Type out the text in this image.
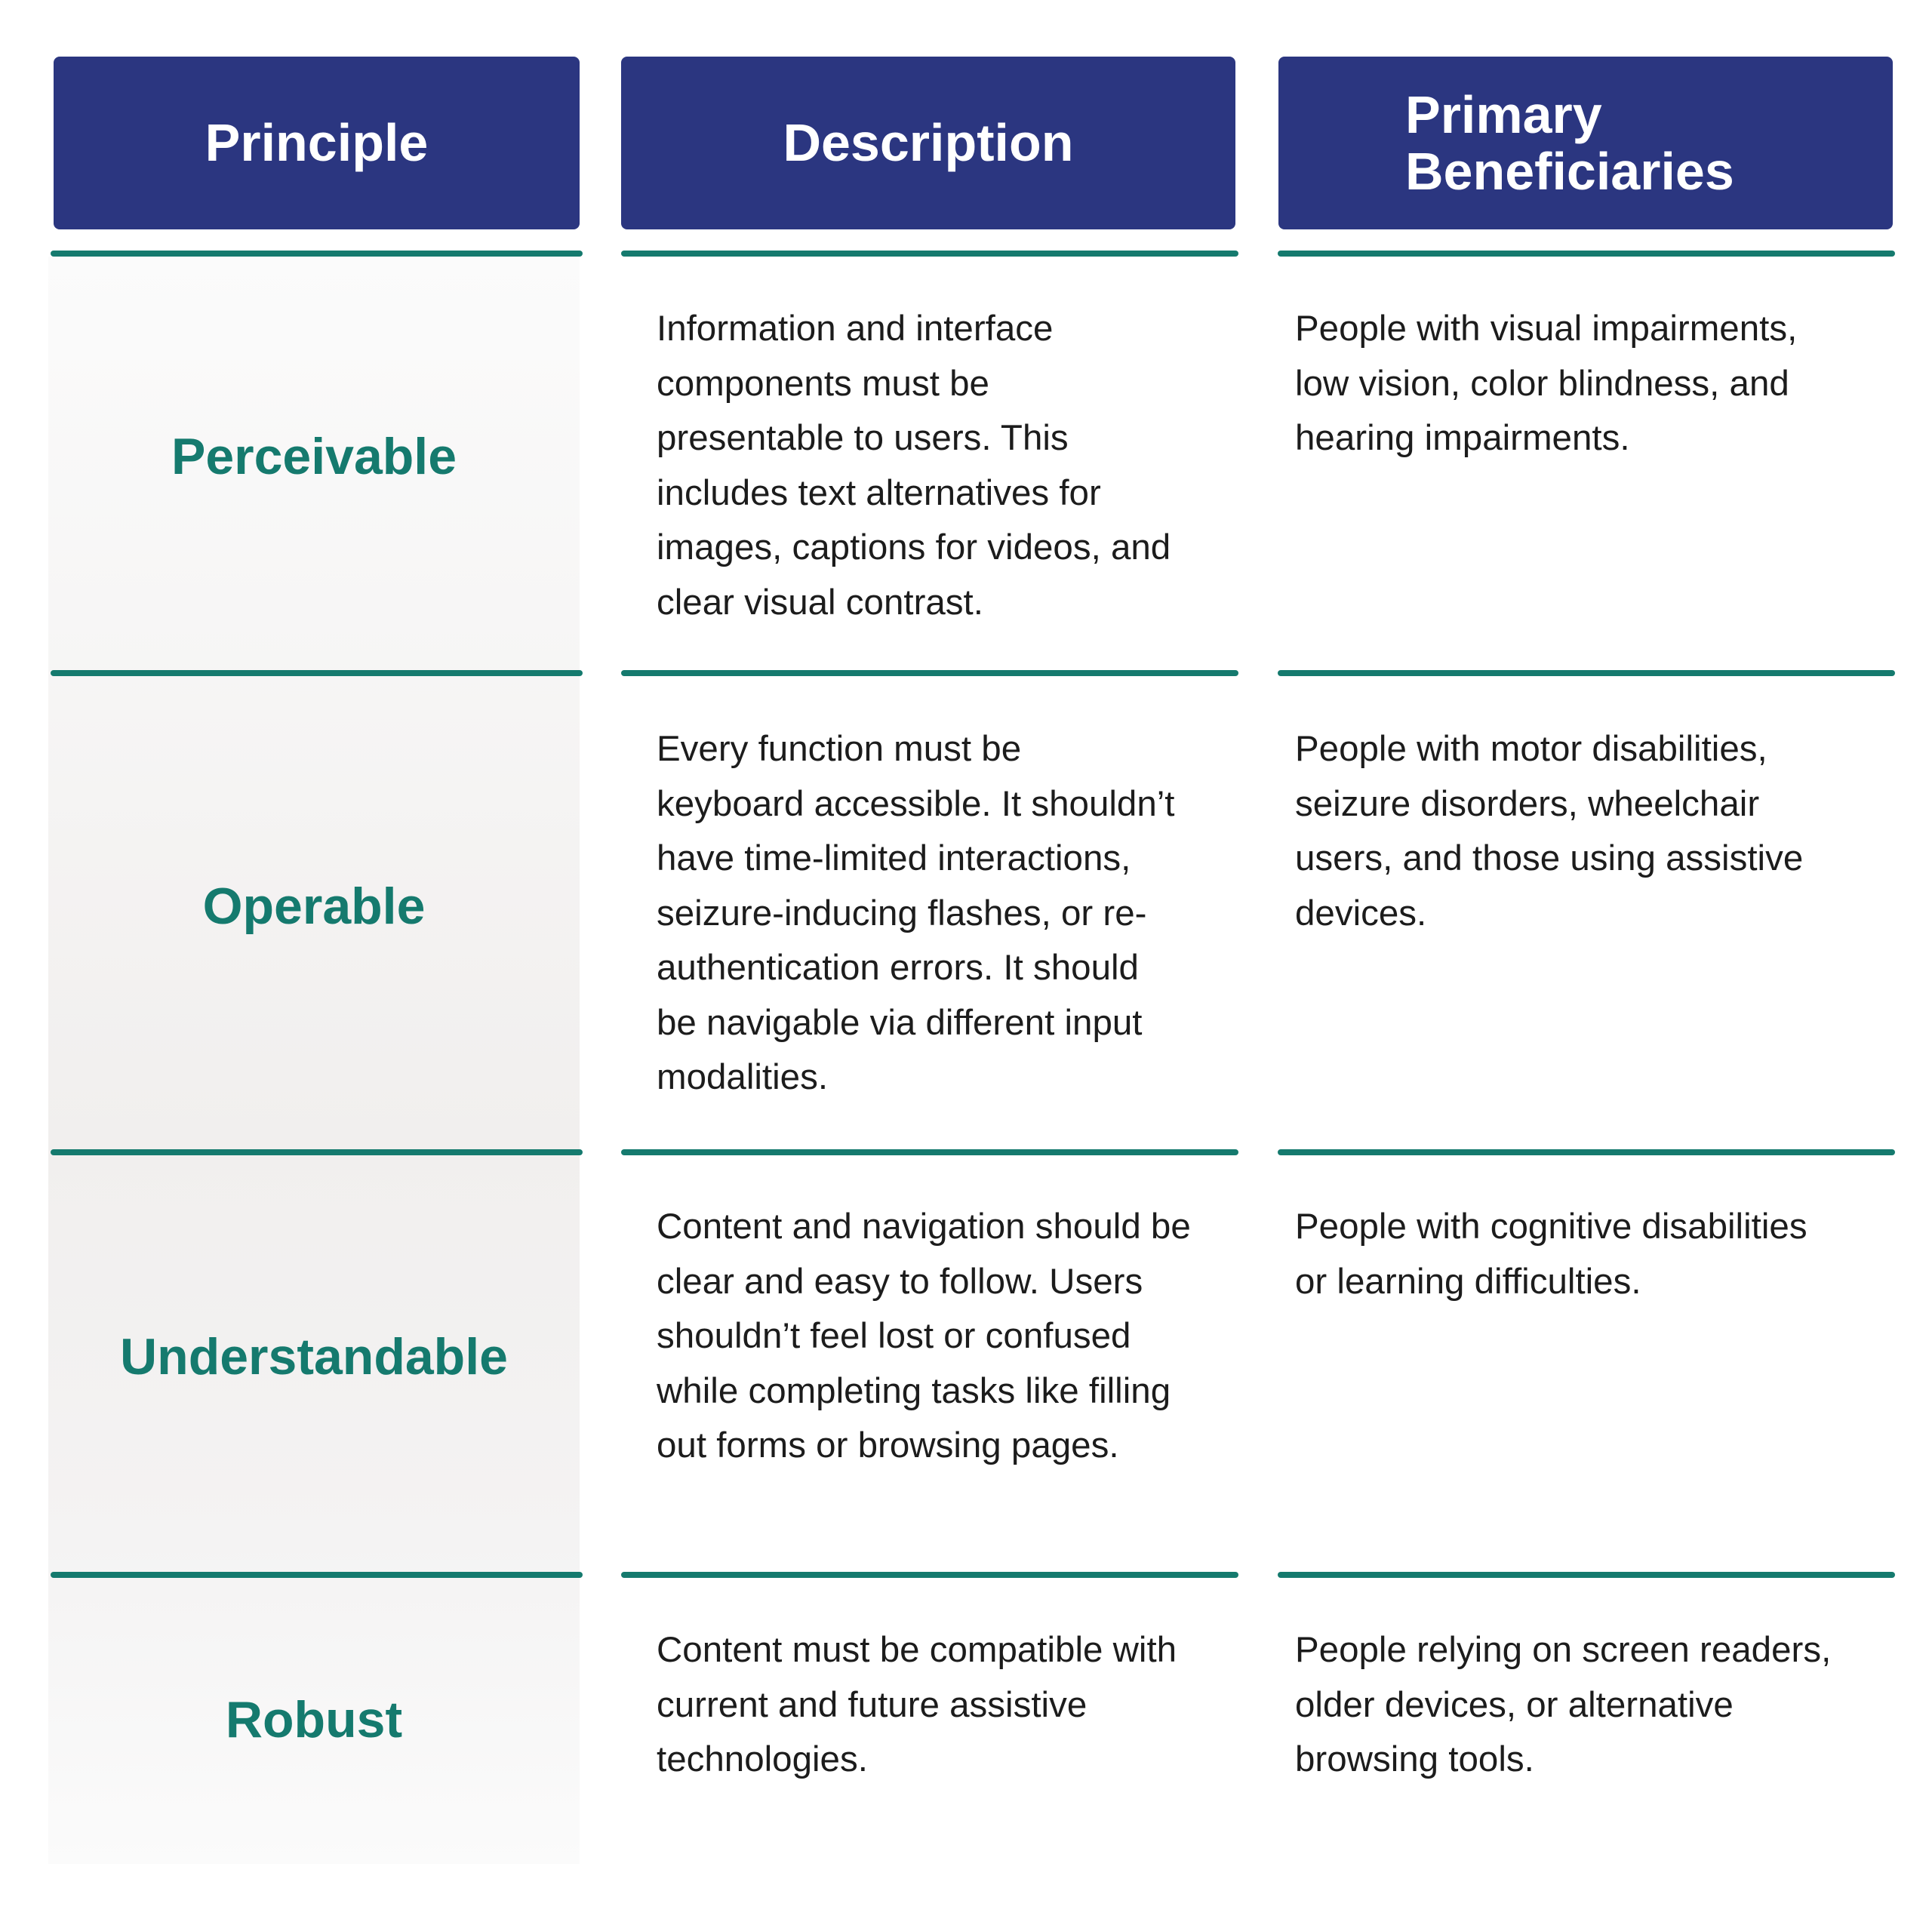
Principle	Description	Primary
Beneficiaries
Perceivable
Information and interface
components must be
presentable to users. This
includes text alternatives for
images, captions for videos, and
clear visual contrast.
People with visual impairments,
low vision, color blindness, and
hearing impairments.
Operable
Every function must be
keyboard accessible. It shouldn’t
have time-limited interactions,
seizure-inducing flashes, or re-
authentication errors. It should
be navigable via different input
modalities.
People with motor disabilities,
seizure disorders, wheelchair
users, and those using assistive
devices.
Understandable
Content and navigation should be
clear and easy to follow. Users
shouldn’t feel lost or confused
while completing tasks like filling
out forms or browsing pages.
People with cognitive disabilities
or learning difficulties.
Robust
Content must be compatible with
current and future assistive
technologies.
People relying on screen readers,
older devices, or alternative
browsing tools.
